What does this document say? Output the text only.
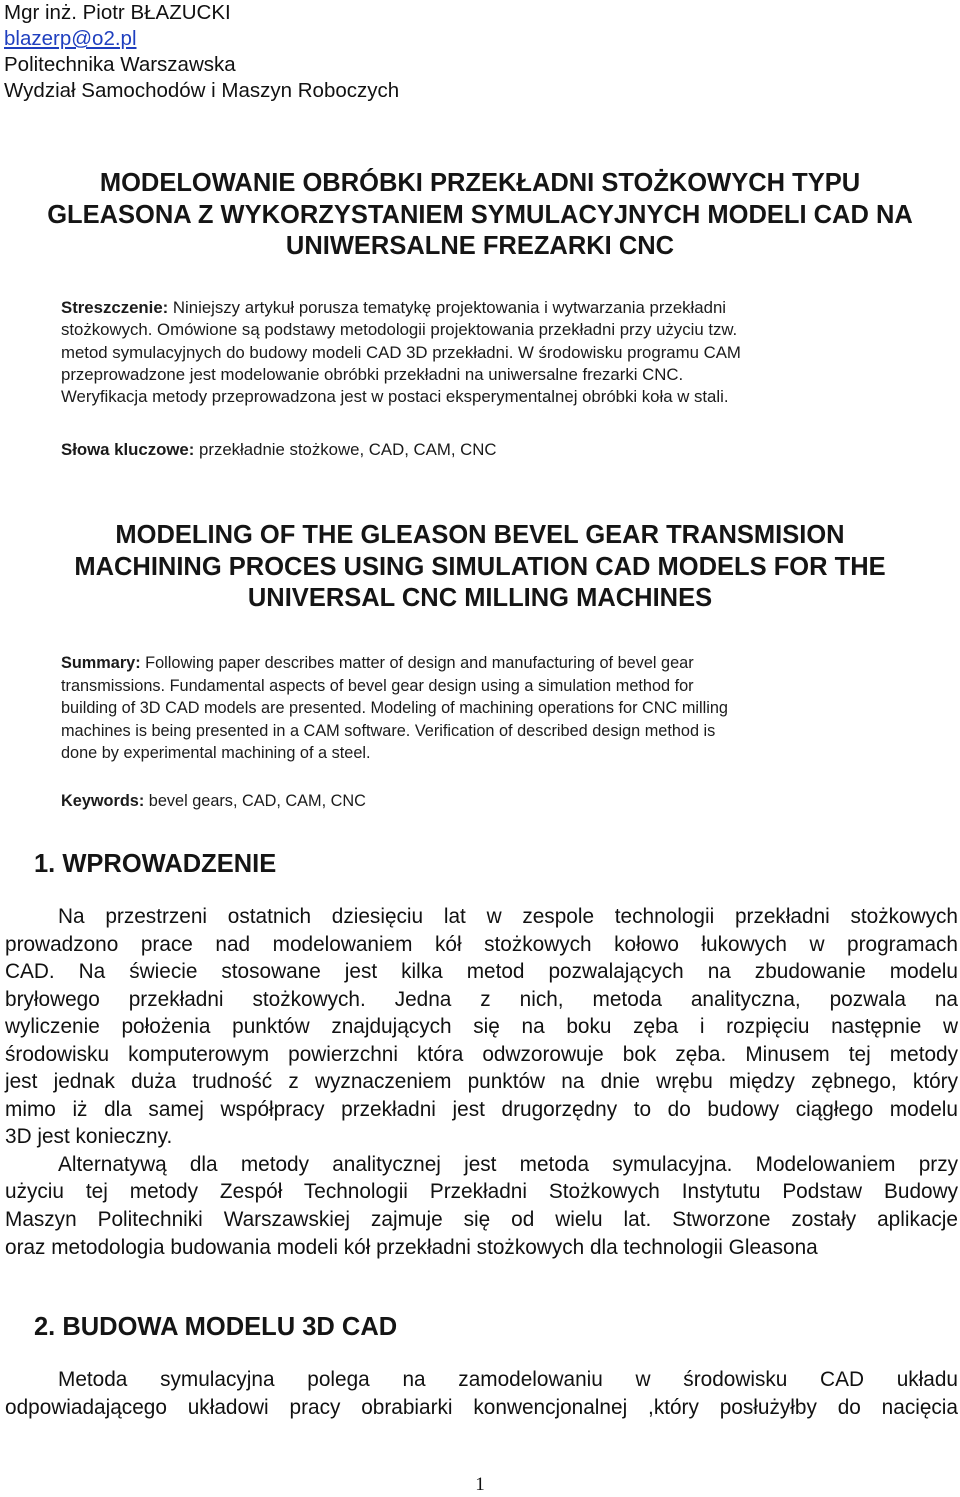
Mgr inż. Piotr BŁAZUCKI
blazerp@o2.pl
Politechnika Warszawska
Wydział Samochodów i Maszyn Roboczych
MODELOWANIE OBRÓBKI PRZEKŁADNI STOŻKOWYCH TYPU
GLEASONA Z WYKORZYSTANIEM SYMULACYJNYCH MODELI CAD NA
UNIWERSALNE FREZARKI CNC
Streszczenie: Niniejszy artykuł porusza tematykę projektowania i wytwarzania przekładni
stożkowych. Omówione są podstawy metodologii projektowania przekładni przy użyciu tzw.
metod symulacyjnych do budowy modeli CAD 3D przekładni. W środowisku programu CAM
przeprowadzone jest modelowanie obróbki przekładni na uniwersalne frezarki CNC.
Weryfikacja metody przeprowadzona jest w postaci eksperymentalnej obróbki koła w stali.
Słowa kluczowe: przekładnie stożkowe, CAD, CAM, CNC
MODELING OF THE GLEASON BEVEL GEAR TRANSMISION
MACHINING PROCES USING SIMULATION CAD MODELS FOR THE
UNIVERSAL CNC MILLING MACHINES
Summary: Following paper describes matter of design and manufacturing of bevel gear
transmissions. Fundamental aspects of bevel gear design using a simulation method for
building of 3D CAD models are presented. Modeling of machining operations for CNC milling
machines is being presented in a CAM software. Verification of described design method is
done by experimental machining of a steel.
Keywords: bevel gears, CAD, CAM, CNC
1. WPROWADZENIE
Na przestrzeni ostatnich dziesięciu lat w zespole technologii przekładni stożkowych
prowadzono prace nad modelowaniem kół stożkowych kołowo łukowych w programach
CAD. Na świecie stosowane jest kilka metod pozwalających na zbudowanie modelu
bryłowego przekładni stożkowych. Jedna z nich, metoda analityczna, pozwala na
wyliczenie położenia punktów znajdujących się na boku zęba i rozpięciu następnie w
środowisku komputerowym powierzchni która odwzorowuje bok zęba. Minusem tej metody
jest jednak duża trudność z wyznaczeniem punktów na dnie wrębu między zębnego, który
mimo iż dla samej współpracy przekładni jest drugorzędny to do budowy ciągłego modelu
3D jest konieczny.
Alternatywą dla metody analitycznej jest metoda symulacyjna. Modelowaniem przy
użyciu tej metody Zespół Technologii Przekładni Stożkowych Instytutu Podstaw Budowy
Maszyn Politechniki Warszawskiej zajmuje się od wielu lat. Stworzone zostały aplikacje
oraz metodologia budowania modeli kół przekładni stożkowych dla technologii Gleasona
2. BUDOWA MODELU 3D CAD
Metoda symulacyjna polega na zamodelowaniu w środowisku CAD układu
odpowiadającego układowi pracy obrabiarki konwencjonalnej ,który posłużyłby do nacięcia
1
